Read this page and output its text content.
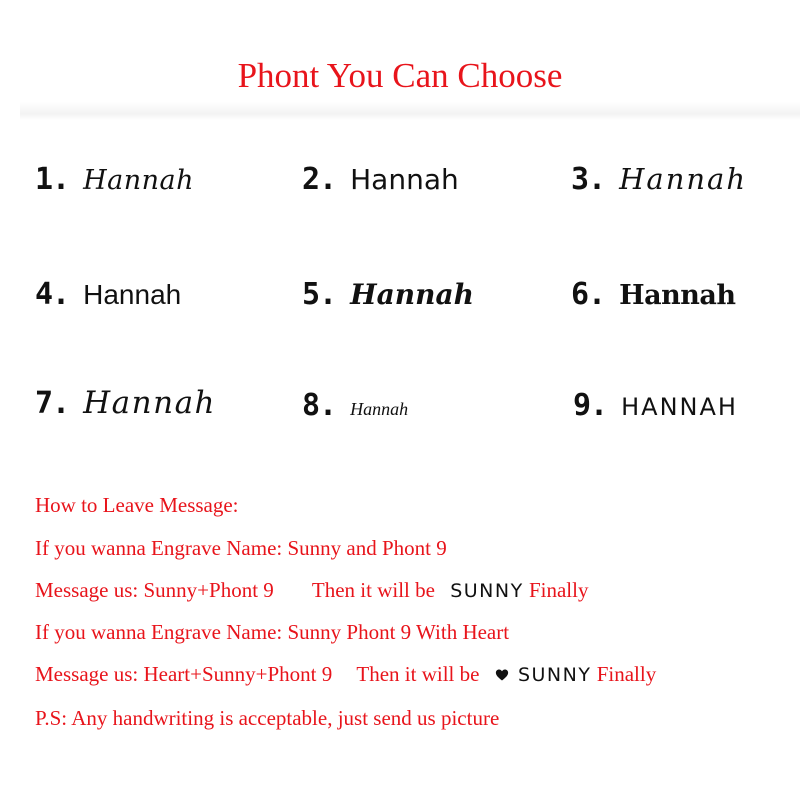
Phont You Can Choose
1. Hannah	2. Hannah	3. Hannah
4. Hannah	5. Hannah	6. Hannah
7. Hannah	8. Hannah	9. HANNAH
How to Leave Message:
If you wanna Engrave Name: Sunny and Phont 9
Message us: Sunny+Phont 9 Then it will be SUNNY Finally
If you wanna Engrave Name: Sunny Phont 9 With Heart
Message us: Heart+Sunny+Phont 9 Then it will be SUNNY Finally
P.S: Any handwriting is acceptable, just send us picture
